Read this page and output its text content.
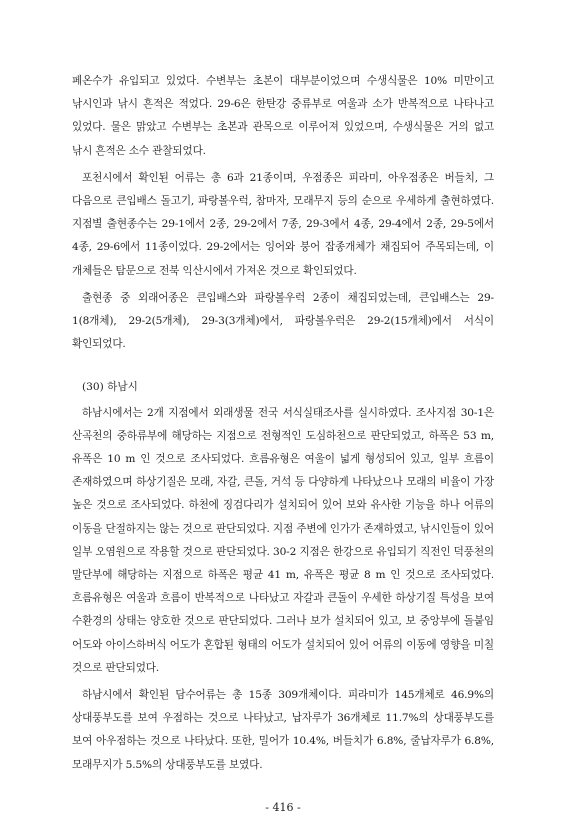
페온수가 유입되고 있었다. 수변부는 초본이 대부분이었으며 수생식물은 10% 미만이고 낚시인과 낚시 흔적은 적었다. 29-6은 한탄강 중류부로 여울과 소가 반복적으로 나타나고 있었다. 물은 맑았고 수변부는 초본과 관목으로 이루어져 있었으며, 수생식물은 거의 없고 낚시 흔적은 소수 관찰되었다.

포천시에서 확인된 어류는 총 6과 21종이며, 우점종은 피라미, 아우점종은 버들치, 그 다음으로 큰입배스 돌고기, 파랑볼우럭, 참마자, 모래무지 등의 순으로 우세하게 출현하였다. 지점별 출현종수는 29-1에서 2종, 29-2에서 7종, 29-3에서 4종, 29-4에서 2종, 29-5에서 4종, 29-6에서 11종이었다. 29-2에서는 잉어와 붕어 잡종개체가 채집되어 주목되는데, 이 개체들은 탐문으로 전북 익산시에서 가져온 것으로 확인되었다.

출현종 중 외래어종은 큰입배스와 파랑볼우럭 2종이 채집되었는데, 큰입배스는 29-1(8개체), 29-2(5개체), 29-3(3개체)에서, 파랑볼우럭은 29-2(15개체)에서 서식이 확인되었다.

(30) 하남시

하남시에서는 2개 지점에서 외래생물 전국 서식실태조사를 실시하였다. 조사지점 30-1은 산곡천의 중하류부에 해당하는 지점으로 전형적인 도심하천으로 판단되었고, 하폭은 53 m, 유폭은 10 m 인 것으로 조사되었다. 흐름유형은 여울이 넓게 형성되어 있고, 일부 흐름이 존재하였으며 하상기질은 모래, 자갈, 큰돌, 거석 등 다양하게 나타났으나 모래의 비율이 가장 높은 것으로 조사되었다. 하천에 징검다리가 설치되어 있어 보와 유사한 기능을 하나 어류의 이동을 단절하지는 않는 것으로 판단되었다. 지점 주변에 인가가 존재하였고, 낚시인들이 있어 일부 오염원으로 작용할 것으로 판단되었다. 30-2 지점은 한강으로 유입되기 직전인 덕풍천의 말단부에 해당하는 지점으로 하폭은 평균 41 m, 유폭은 평균 8 m 인 것으로 조사되었다. 흐름유형은 여울과 흐름이 반복적으로 나타났고 자갈과 큰돌이 우세한 하상기질 특성을 보여 수환경의 상태는 양호한 것으로 판단되었다. 그러나 보가 설치되어 있고, 보 중앙부에 돌붙임 어도와 아이스하버식 어도가 혼합된 형태의 어도가 설치되어 있어 어류의 이동에 영향을 미칠 것으로 판단되었다.

하남시에서 확인된 담수어류는 총 15종 309개체이다. 피라미가 145개체로 46.9%의 상대풍부도를 보여 우점하는 것으로 나타났고, 납자루가 36개체로 11.7%의 상대풍부도를 보여 아우점하는 것으로 나타났다. 또한, 밀어가 10.4%, 버들치가 6.8%, 줄납자루가 6.8%, 모래무지가 5.5%의 상대풍부도를 보였다.

- 416 -
